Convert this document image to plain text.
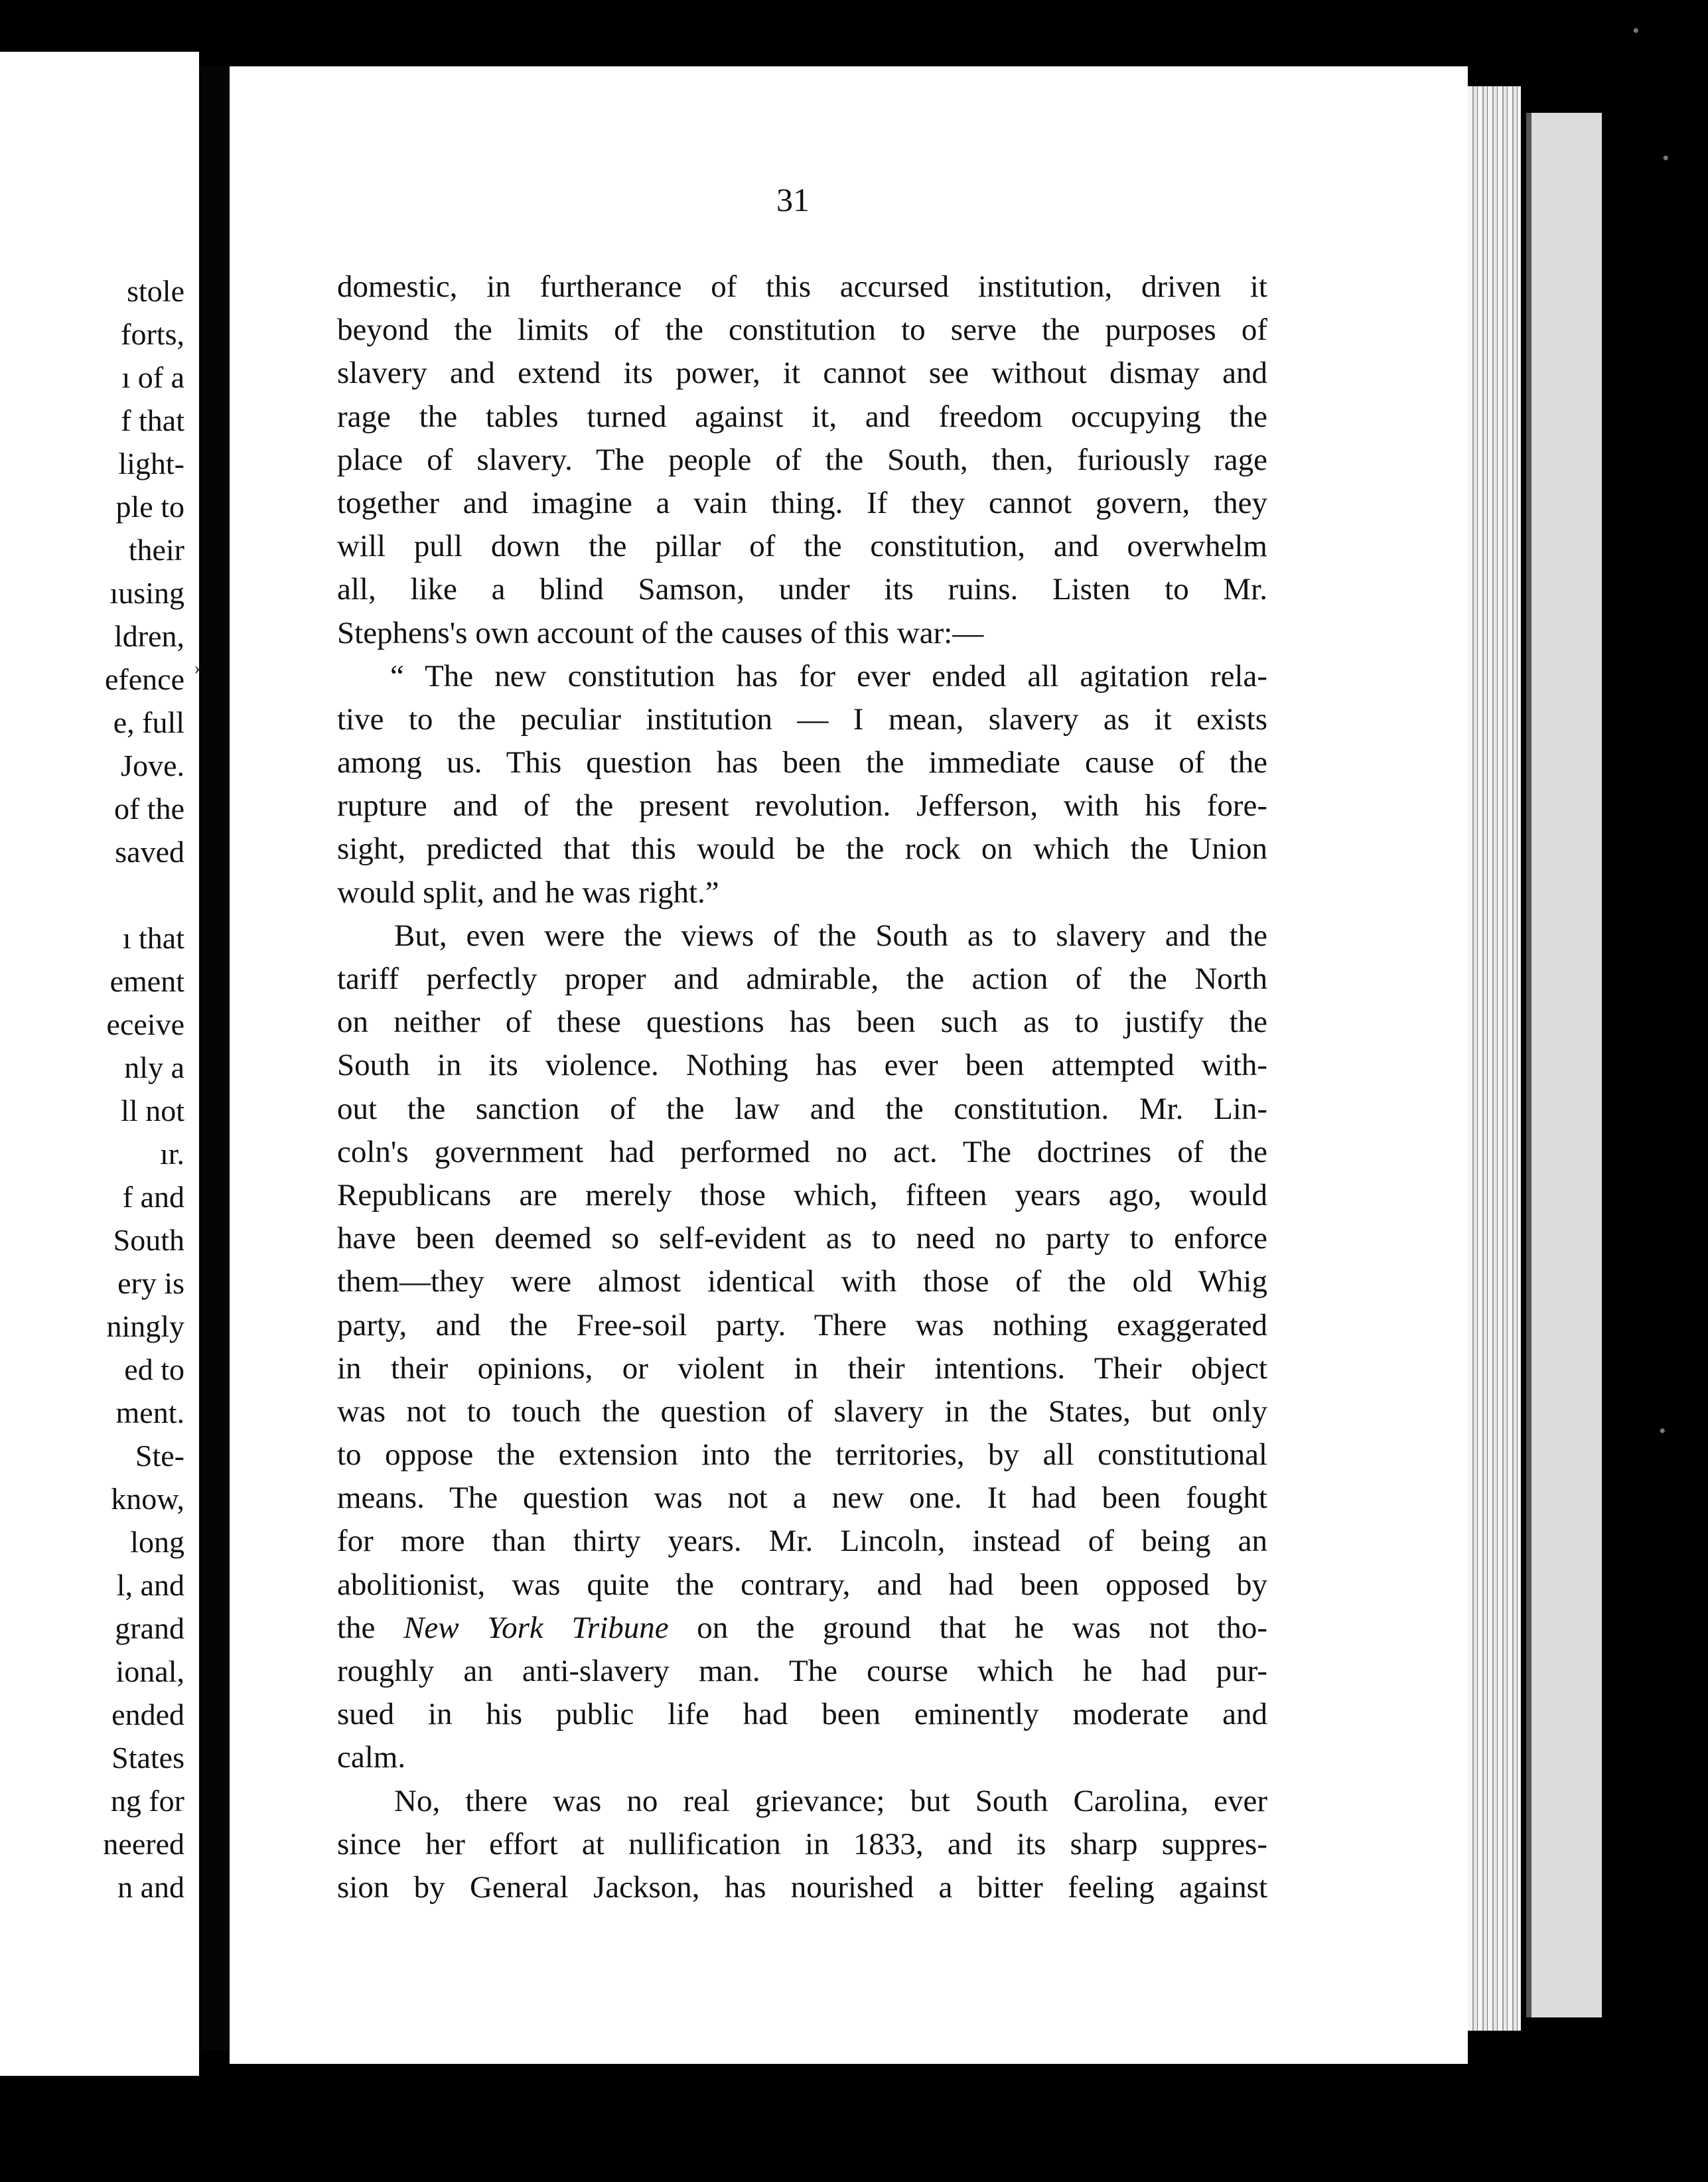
stole
forts,
ı of a
f that
light-
ple to
their
ıusing
ldren,
efence
e, full
Jove.
of the
saved
ı that
ement
eceive
nly a
ll not
ır.
f and
South
ery is
ningly
ed to
ment.
Ste-
know,
long
l, and
grand
ional,
ended
States
ng for
neered
n and
31
domestic, in furtherance of this accursed institution, driven it
beyond the limits of the constitution to serve the purposes of
slavery and extend its power, it cannot see without dismay and
rage the tables turned against it, and freedom occupying the
place of slavery. The people of the South, then, furiously rage
together and imagine a vain thing. If they cannot govern, they
will pull down the pillar of the constitution, and overwhelm
all, like a blind Samson, under its ruins. Listen to Mr.
Stephens's own account of the causes of this war:—
“ The new constitution has for ever ended all agitation rela-
tive to the peculiar institution — I mean, slavery as it exists
among us. This question has been the immediate cause of the
rupture and of the present revolution. Jefferson, with his fore-
sight, predicted that this would be the rock on which the Union
would split, and he was right.”
But, even were the views of the South as to slavery and the
tariff perfectly proper and admirable, the action of the North
on neither of these questions has been such as to justify the
South in its violence. Nothing has ever been attempted with-
out the sanction of the law and the constitution. Mr. Lin-
coln's government had performed no act. The doctrines of the
Republicans are merely those which, fifteen years ago, would
have been deemed so self-evident as to need no party to enforce
them—they were almost identical with those of the old Whig
party, and the Free-soil party. There was nothing exaggerated
in their opinions, or violent in their intentions. Their object
was not to touch the question of slavery in the States, but only
to oppose the extension into the territories, by all constitutional
means. The question was not a new one. It had been fought
for more than thirty years. Mr. Lincoln, instead of being an
abolitionist, was quite the contrary, and had been opposed by
the New York Tribune on the ground that he was not tho-
roughly an anti-slavery man. The course which he had pur-
sued in his public life had been eminently moderate and
calm.
No, there was no real grievance; but South Carolina, ever
since her effort at nullification in 1833, and its sharp suppres-
sion by General Jackson, has nourished a bitter feeling against
•
•
›
•
